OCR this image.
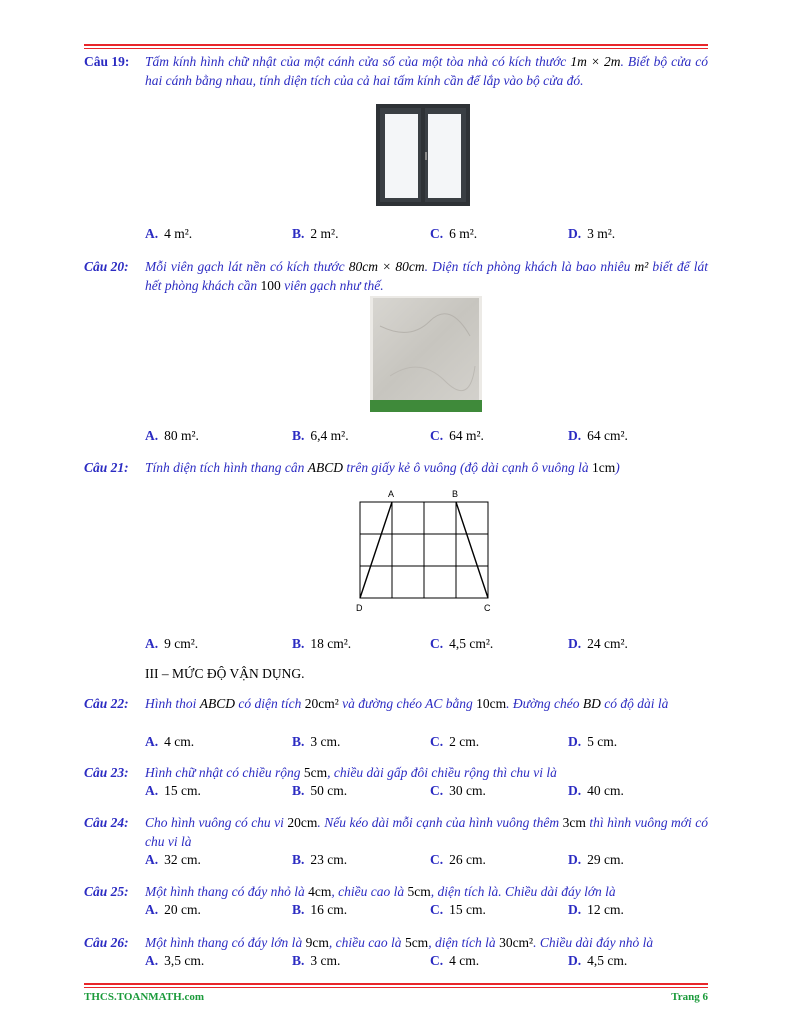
Câu 19: Tấm kính hình chữ nhật của một cánh cửa sổ của một tòa nhà có kích thước 1m × 2m. Biết bộ cửa có hai cánh bằng nhau, tính diện tích của cả hai tấm kính cần để lắp vào bộ cửa đó.
A. 4 m².	B. 2 m².	C. 6 m².	D. 3 m².
Câu 20: Mỗi viên gạch lát nền có kích thước 80cm × 80cm. Diện tích phòng khách là bao nhiêu m² biết để lát hết phòng khách cần 100 viên gạch như thế.
A. 80 m².	B. 6,4 m².	C. 64 m².	D. 64 cm².
Câu 21: Tính diện tích hình thang cân ABCD trên giấy kẻ ô vuông (độ dài cạnh ô vuông là 1cm)
A	B
C
D
A. 9 cm².	B. 18 cm².	C. 4,5 cm².	D. 24 cm².
III – MỨC ĐỘ VẬN DỤNG.
Câu 22: Hình thoi ABCD có diện tích 20cm² và đường chéo AC bằng 10cm. Đường chéo BD có độ dài là
A. 4 cm.	B. 3 cm.	C. 2 cm.	D. 5 cm.
Câu 23: Hình chữ nhật có chiều rộng 5cm, chiều dài gấp đôi chiều rộng thì chu vi là
A. 15 cm.	B. 50 cm.	C. 30 cm.	D. 40 cm.
Câu 24: Cho hình vuông có chu vi 20cm. Nếu kéo dài mỗi cạnh của hình vuông thêm 3cm thì hình vuông mới có chu vi là
A. 32 cm.	B. 23 cm.	C. 26 cm.	D. 29 cm.
Câu 25: Một hình thang có đáy nhỏ là 4cm, chiều cao là 5cm, diện tích là. Chiều dài đáy lớn là
A. 20 cm.	B. 16 cm.	C. 15 cm.	D. 12 cm.
Câu 26: Một hình thang có đáy lớn là 9cm, chiều cao là 5cm, diện tích là 30cm². Chiều dài đáy nhỏ là
A. 3,5 cm.	B. 3 cm.	C. 4 cm.	D. 4,5 cm.
THCS.TOANMATH.com	Trang 6
